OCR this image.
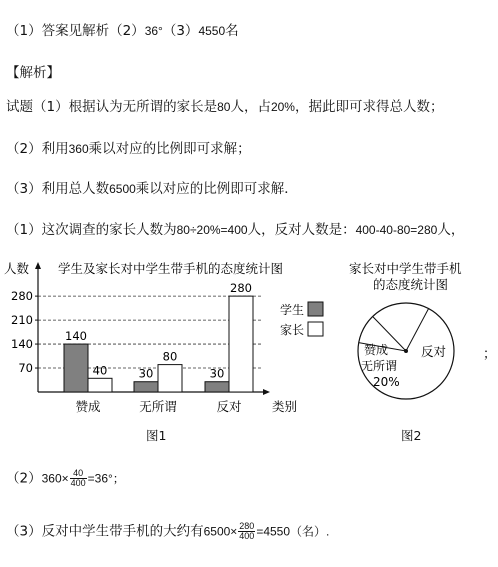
（1）答案见解析（2）36°（3）4550名
【解析】
试题（1）根据认为无所谓的家长是80人，占20%，据此即可求得总人数；
（2）利用360乘以对应的比例即可求解；
（3）利用总人数6500乘以对应的比例即可求解．
（1）这次调查的家长人数为80÷20%=400人，反对人数是：400-40-80=280人，
学生及家长对中学生带手机的态度统计图
人数
类别
70
140
210
280
140
40	30
80
30
280
赞成	无所谓	反对
学生
家长
图1
家长对中学生带手机
的态度统计图
赞成
无所谓
20%
反对	；
图2
$(2)360\times \frac{40}{400} =36^\circ$；
（3）反对中学生带手机的大约有$6500\times \frac{280}{400} =4550$（名）.
